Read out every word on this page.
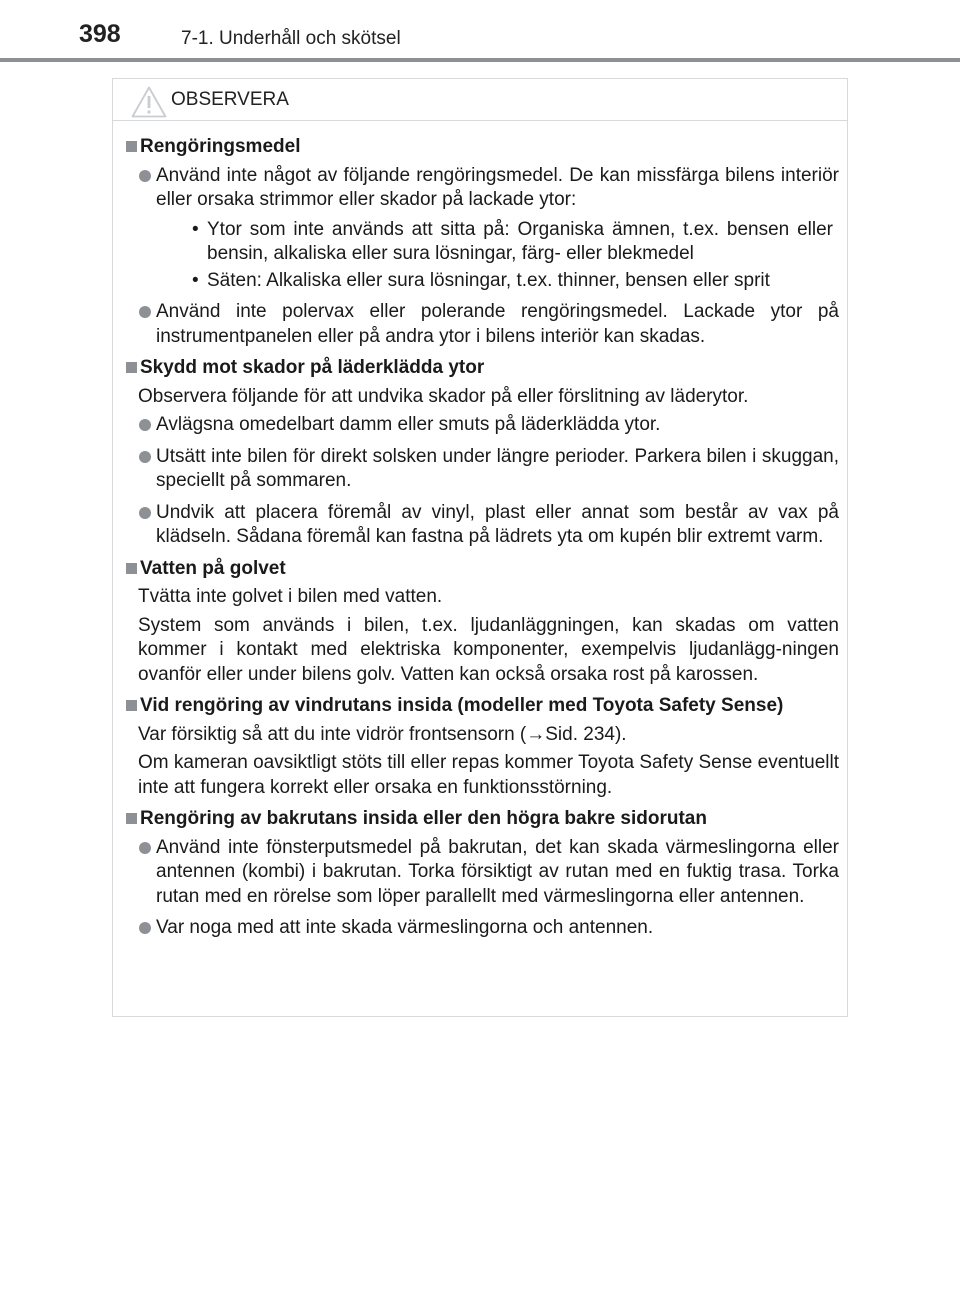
398	7-1. Underhåll och skötsel
OBSERVERA
Rengöringsmedel
Använd inte något av följande rengöringsmedel. De kan missfärga bilens interiör eller orsaka strimmor eller skador på lackade ytor:
• Ytor som inte används att sitta på: Organiska ämnen, t.ex. bensen eller bensin, alkaliska eller sura lösningar, färg- eller blekmedel
• Säten: Alkaliska eller sura lösningar, t.ex. thinner, bensen eller sprit
Använd inte polervax eller polerande rengöringsmedel. Lackade ytor på instrumentpanelen eller på andra ytor i bilens interiör kan skadas.
Skydd mot skador på läderklädda ytor
Observera följande för att undvika skador på eller förslitning av läderytor.
Avlägsna omedelbart damm eller smuts på läderklädda ytor.
Utsätt inte bilen för direkt solsken under längre perioder. Parkera bilen i skuggan, speciellt på sommaren.
Undvik att placera föremål av vinyl, plast eller annat som består av vax på klädseln. Sådana föremål kan fastna på lädrets yta om kupén blir extremt varm.
Vatten på golvet
Tvätta inte golvet i bilen med vatten.
System som används i bilen, t.ex. ljudanläggningen, kan skadas om vatten kommer i kontakt med elektriska komponenter, exempelvis ljudanlägg-ningen ovanför eller under bilens golv. Vatten kan också orsaka rost på karossen.
Vid rengöring av vindrutans insida (modeller med Toyota Safety Sense)
Var försiktig så att du inte vidrör frontsensorn (→Sid. 234).
Om kameran oavsiktligt stöts till eller repas kommer Toyota Safety Sense eventuellt inte att fungera korrekt eller orsaka en funktionsstörning.
Rengöring av bakrutans insida eller den högra bakre sidorutan
Använd inte fönsterputsmedel på bakrutan, det kan skada värmeslingorna eller antennen (kombi) i bakrutan. Torka försiktigt av rutan med en fuktig trasa. Torka rutan med en rörelse som löper parallellt med värmeslingorna eller antennen.
Var noga med att inte skada värmeslingorna och antennen.
